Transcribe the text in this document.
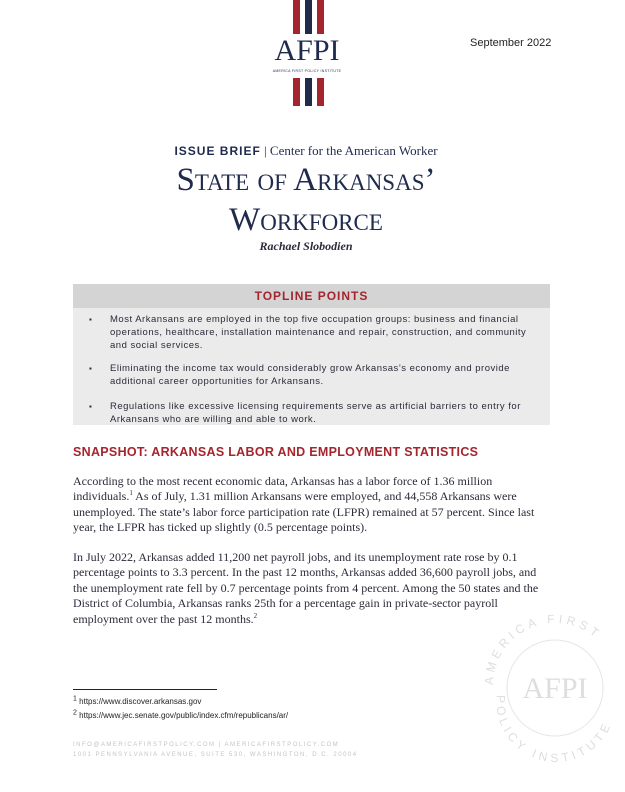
AFPI
AMERICA FIRST POLICY INSTITUTE
September 2022
ISSUE BRIEF | Center for the American Worker
State of Arkansas’
Workforce
Rachael Slobodien
TOPLINE POINTS
▪ Most Arkansans are employed in the top five occupation groups: business and financial operations, healthcare, installation maintenance and repair, construction, and community and social services.
▪ Eliminating the income tax would considerably grow Arkansas’s economy and provide additional career opportunities for Arkansans.
▪ Regulations like excessive licensing requirements serve as artificial barriers to entry for Arkansans who are willing and able to work.
SNAPSHOT: ARKANSAS LABOR AND EMPLOYMENT STATISTICS
According to the most recent economic data, Arkansas has a labor force of 1.36 million individuals.$^1$ As of July, 1.31 million Arkansans were employed, and 44,558 Arkansans were unemployed. The state’s labor force participation rate (LFPR) remained at 57 percent. Since last year, the LFPR has ticked up slightly (0.5 percentage points).
In July 2022, Arkansas added 11,200 net payroll jobs, and its unemployment rate rose by 0.1 percentage points to 3.3 percent. In the past 12 months, Arkansas added 36,600 payroll jobs, and the unemployment rate fell by 0.7 percentage points from 4 percent. Among the 50 states and the District of Columbia, Arkansas ranks 25th for a percentage gain in private-sector payroll employment over the past 12 months.$^2$
$^1$ https://www.discover.arkansas.gov
$^2$ https://www.jec.senate.gov/public/index.cfm/republicans/ar/
INFO@AMERICAFIRSTPOLICY.COM | AMERICAFIRSTPOLICY.COM
1001 PENNSYLVANIA AVENUE, SUITE 530, WASHINGTON, D.C. 20004
AMERICA FIRST
POLICY INSTITUTE
AFPI
